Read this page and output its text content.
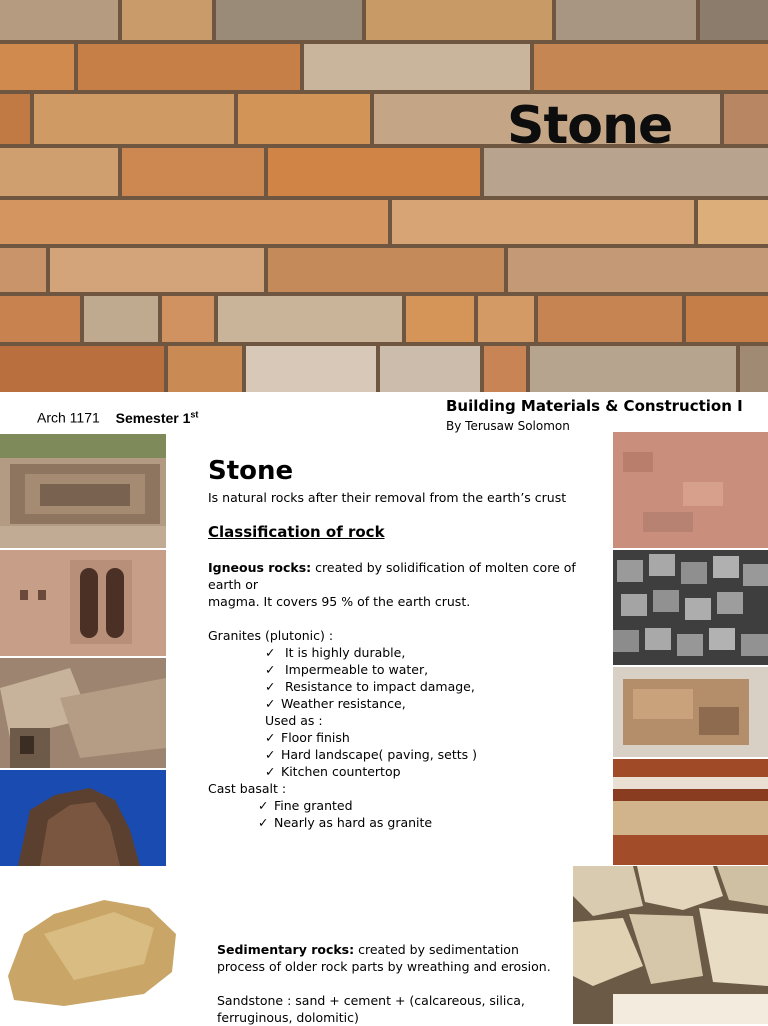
Stone
Arch 1171 Semester 1st	Building Materials & Construction I
By Terusaw Solomon
Stone
Is natural rocks after their removal from the earth’s crust
Classification of rock
Igneous rocks: created by solidification of molten core of earth or
magma. It covers 95 % of the earth crust.
Granites (plutonic) :
✓ It is highly durable,
✓ Impermeable to water,
✓ Resistance to impact damage,
✓ Weather resistance,
Used as :
✓ Floor finish
✓ Hard landscape( paving, setts )
✓ Kitchen countertop
Cast basalt :
✓ Fine granted
✓ Nearly as hard as granite
Sedimentary rocks: created by sedimentation process of older rock parts by wreathing and erosion.
Sandstone : sand + cement + (calcareous, silica, ferruginous, dolomitic)
